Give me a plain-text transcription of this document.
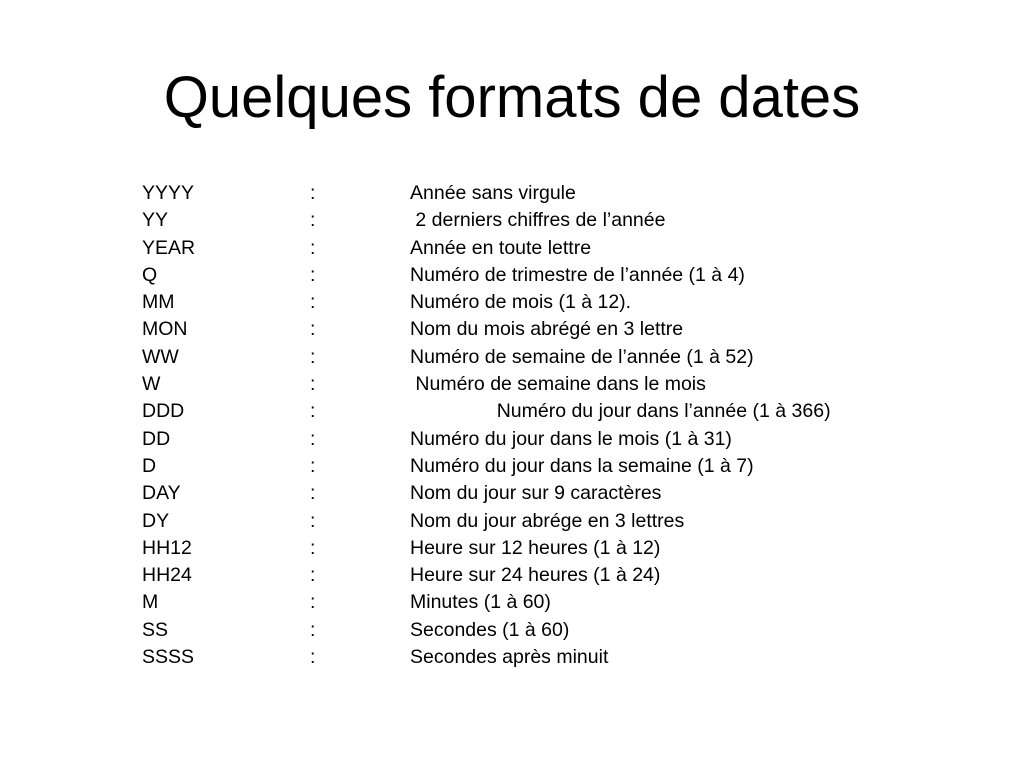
Quelques formats de dates
YYYY	:	Année sans virgule
YY	:	2 derniers chiffres de l’année
YEAR	:	Année en toute lettre
Q	:	Numéro de trimestre de l’année (1 à 4)
MM	:	Numéro de mois (1 à 12).
MON	:	Nom du mois abrégé en 3 lettre
WW	:	Numéro de semaine de l’année (1 à 52)
W	:	Numéro de semaine dans le mois
DDD	:			Numéro du jour dans l’année (1 à 366)
DD	:	Numéro du jour dans le mois (1 à 31)
D	:	Numéro du jour dans la semaine (1 à 7)
DAY	:	Nom du jour sur 9 caractères
DY	:	Nom du jour abrége en 3 lettres
HH12	:	Heure sur 12 heures (1 à 12)
HH24	:	Heure sur 24 heures (1 à 24)
M	:	Minutes (1 à 60)
SS	:	Secondes (1 à 60)
SSSS	:	Secondes après minuit
